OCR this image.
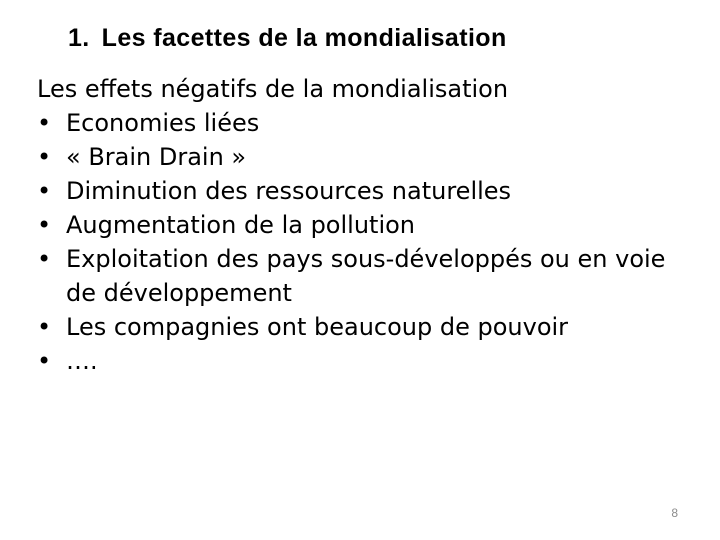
1. Les facettes de la mondialisation
Les effets négatifs de la mondialisation
• Economies liées
• « Brain Drain »
• Diminution des ressources naturelles
• Augmentation de la pollution
• Exploitation des pays sous-développés ou en voie de développement
• Les compagnies ont beaucoup de pouvoir
• ….
8
